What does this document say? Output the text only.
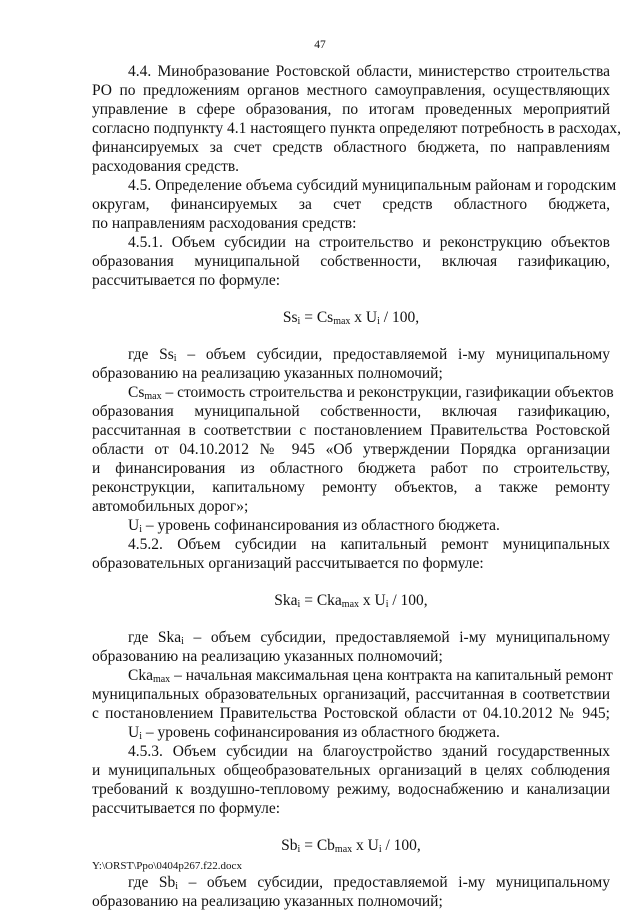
47
4.4. Минобразование Ростовской области, министерство строительства
РО по предложениям органов местного самоуправления, осуществляющих
управление в сфере образования, по итогам проведенных мероприятий
согласно подпункту 4.1 настоящего пункта определяют потребность в расходах,
финансируемых за счет средств областного бюджета, по направлениям
расходования средств.
4.5. Определение объема субсидий муниципальным районам и городским
округам, финансируемых за счет средств областного бюджета,
по направлениям расходования средств:
4.5.1. Объем субсидии на строительство и реконструкцию объектов
образования муниципальной собственности, включая газификацию,
рассчитывается по формуле:
$Ss_i = Cs_{max}$ x $U_i / 100$,
где $Ss_i$ – объем субсидии, предоставляемой i-му муниципальному
образованию на реализацию указанных полномочий;
$Cs_{max}$ – стоимость строительства и реконструкции, газификации объектов
образования муниципальной собственности, включая газификацию,
рассчитанная в соответствии с постановлением Правительства Ростовской
области от 04.10.2012 № 945 «Об утверждении Порядка организации
и финансирования из областного бюджета работ по строительству,
реконструкции, капитальному ремонту объектов, а также ремонту
автомобильных дорог»;
$U_i$ – уровень софинансирования из областного бюджета.
4.5.2. Объем субсидии на капитальный ремонт муниципальных
образовательных организаций рассчитывается по формуле:
Ska$_i$ = Cka$_{max}$ x $U_i / 100$,
где Ska$_i$ – объем субсидии, предоставляемой i-му муниципальному
образованию на реализацию указанных полномочий;
Cka$_{max}$ – начальная максимальная цена контракта на капитальный ремонт
муниципальных образовательных организаций, рассчитанная в соответствии
с постановлением Правительства Ростовской области от 04.10.2012 № 945;
$U_i$ – уровень софинансирования из областного бюджета.
4.5.3. Объем субсидии на благоустройство зданий государственных
и муниципальных общеобразовательных организаций в целях соблюдения
требований к воздушно-тепловому режиму, водоснабжению и канализации
рассчитывается по формуле:
$Sb_i = Cb_{max}$ x $U_i / 100$,
где $Sb_i$ – объем субсидии, предоставляемой i-му муниципальному
образованию на реализацию указанных полномочий;
Y:\ORST\Ppo\0404p267.f22.docx
